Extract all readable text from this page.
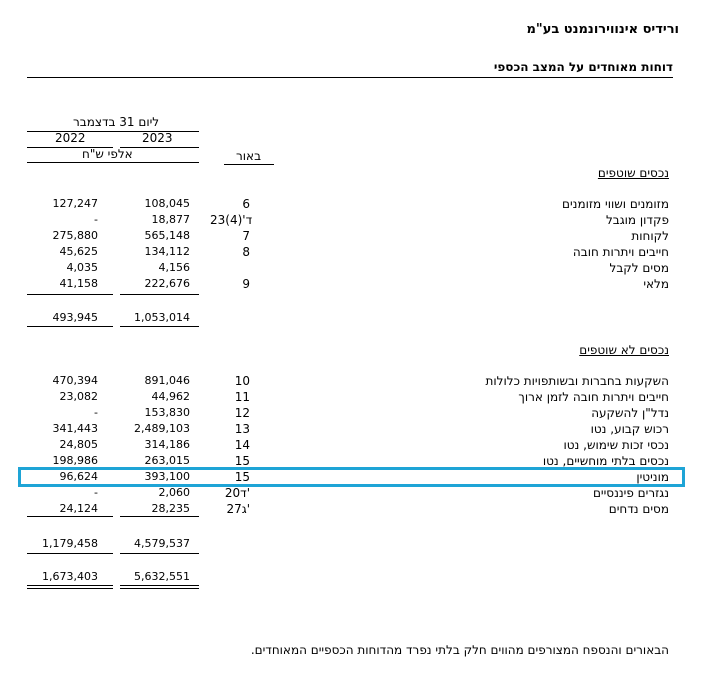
ורידיס אינווירונמנט בע"מ
דוחות מאוחדים על המצב הכספי
ליום 31 בדצמבר
2023
2022
אלפי ש"ח	באור
נכסים שוטפים
מזומנים ושווי מזומנים
6
108,045
127,247
פקדון מוגבל
23ד'(4)
18,877
-
לקוחות
7
565,148
275,880
חייבים ויתרות חובה
8
134,112
45,625
מסים לקבל
4,156
4,035
מלאי
9
222,676
41,158
1,053,014
493,945
נכסים לא שוטפים
השקעות בחברות ובשותפויות כלולות
10
891,046
470,394
חייבים ויתרות חובה לזמן ארוך
11
44,962
23,082
נדל"ן להשקעה
12
153,830
-
רכוש קבוע, נטו
13
2,489,103
341,443
נכסי זכות שימוש, נטו
14
314,186
24,805
נכסים בלתי מוחשיים, נטו
15
263,015
198,986
מוניטין
15
393,100
96,624
נגזרים פיננסיים
20ד'
2,060
-
מסים נדחים
27ג'
28,235
24,124
4,579,537
1,179,458
5,632,551
1,673,403
הבאורים והנספח המצורפים מהווים חלק בלתי נפרד מהדוחות הכספיים המאוחדים.
